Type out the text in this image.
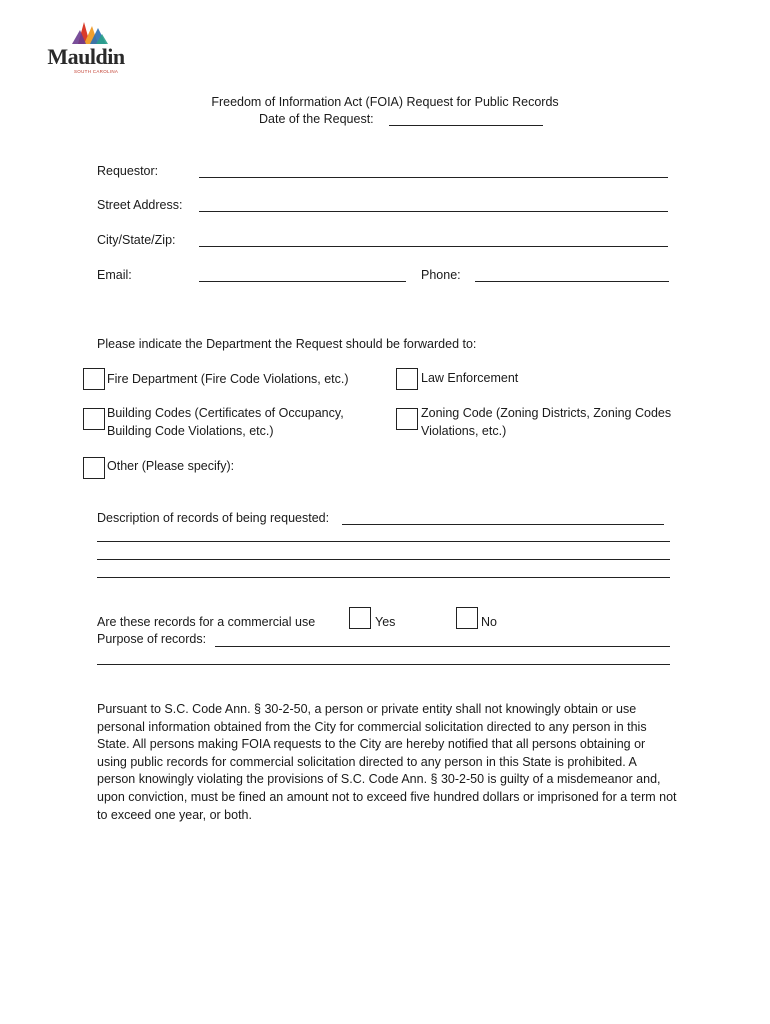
Mauldin
SOUTH CAROLINA
Freedom of Information Act (FOIA) Request for Public Records
Date of the Request:
Requestor:
Street Address:
City/State/Zip:
Email:	Phone:
Please indicate the Department the Request should be forwarded to:
Fire Department (Fire Code Violations, etc.)	Law Enforcement
Building Codes (Certificates of Occupancy,
Building Code Violations, etc.)
Zoning Code (Zoning Districts, Zoning Codes
Violations, etc.)
Other (Please specify):
Description of records of being requested:
Are these records for a commercial use	Yes	No
Purpose of records:
Pursuant to S.C. Code Ann. § 30-2-50, a person or private entity shall not knowingly obtain or use personal information obtained from the City for commercial solicitation directed to any person in this State. All persons making FOIA requests to the City are hereby notified that all persons obtaining or using public records for commercial solicitation directed to any person in this State is prohibited. A person knowingly violating the provisions of S.C. Code Ann. § 30-2-50 is guilty of a misdemeanor and, upon conviction, must be fined an amount not to exceed five hundred dollars or imprisoned for a term not to exceed one year, or both.
